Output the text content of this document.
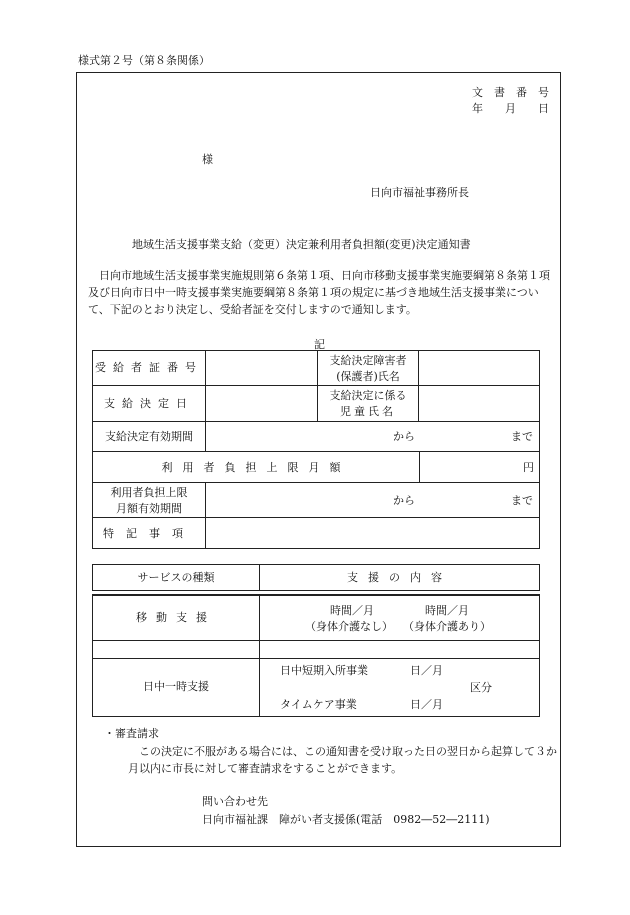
様式第２号（第８条関係）
文　書　番　号
年　　月　　日
様
日向市福祉事務所長
地域生活支援事業支給（変更）決定兼利用者負担額(変更)決定通知書
日向市地域生活支援事業実施規則第６条第１項、日向市移動支援事業実施要綱第８条第１項及び日向市日中一時支援事業実施要綱第８条第１項の規定に基づき地域生活支援事業について、下記のとおり決定し、受給者証を交付しますので通知します。
記
受給者証番号
支給決定障害者
(保護者)氏名
支給決定日
支給決定に係る
児童氏名
支給決定有効期間	から	まで
利用者負担上限月額	円
利用者負担上限
月額有効期間
から	まで
特記事項
サービスの種類	支援の内容
移動支援
時間／月	時間／月
（身体介護なし） （身体介護あり）
日中一時支援
日中短期入所事業	日／月
区分
タイムケア事業	日／月
・審査請求
この決定に不服がある場合には、この通知書を受け取った日の翌日から起算して３か月以内に市長に対して審査請求をすることができます。
問い合わせ先
日向市福祉課　障がい者支援係(電話　0982―52―2111)
